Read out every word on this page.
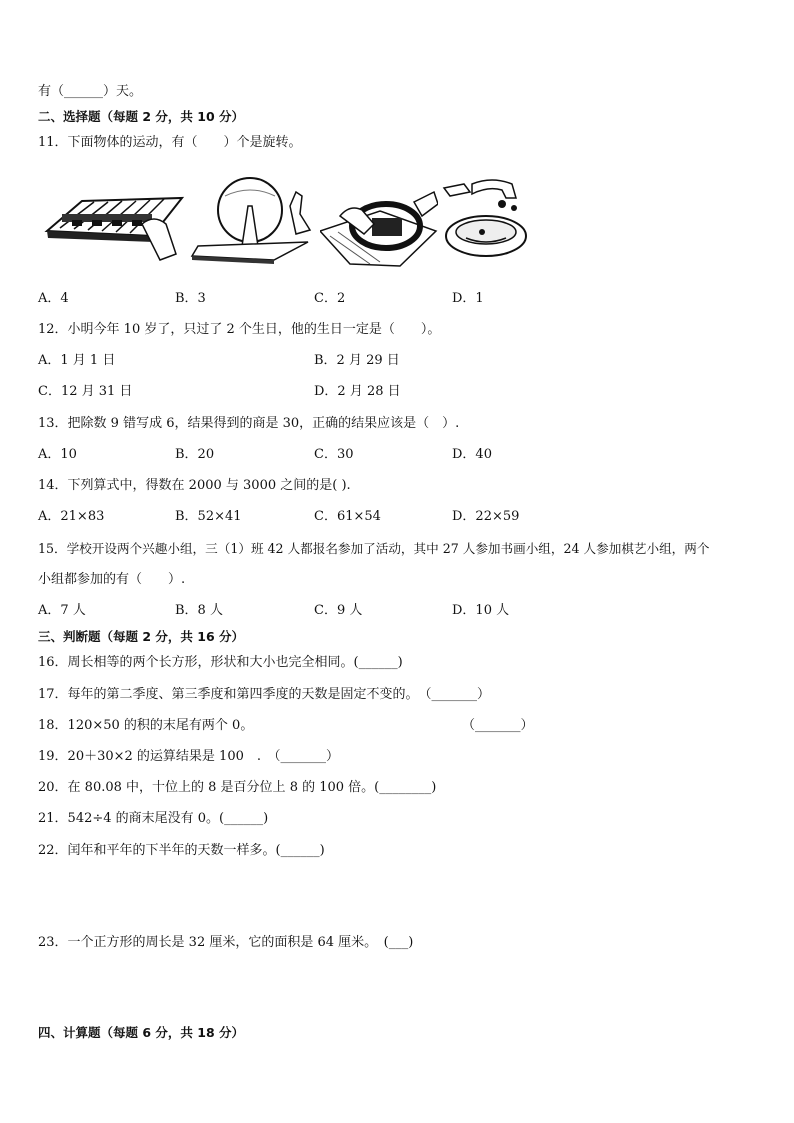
有（______）天。
二、选择题（每题 2 分，共 10 分）
11．下面物体的运动，有（　　）个是旋转。
A．4	B．3	C．2	D．1
12．小明今年 10 岁了，只过了 2 个生日，他的生日一定是（　　）。
A．1 月 1 日	B．2 月 29 日
C．12 月 31 日	D．2 月 28 日
13．把除数 9 错写成 6，结果得到的商是 30，正确的结果应该是（　）.
A．10	B．20	C．30	D．40
14．下列算式中，得数在 2000 与 3000 之间的是( ).
A．21×83	B．52×41	C．61×54	D．22×59
15．学校开设两个兴趣小组，三（1）班 42 人都报名参加了活动，其中 27 人参加书画小组，24 人参加棋艺小组，两个
小组都参加的有（　　）.
A．7 人	B．8 人	C．9 人	D．10 人
三、判断题（每题 2 分，共 16 分）
16．周长相等的两个长方形，形状和大小也完全相同。(______)
17．每年的第二季度、第三季度和第四季度的天数是固定不变的。　（_______）
18．120×50 的积的末尾有两个 0。	（_______）
19．20＋30×2 的运算结果是 100　.　（_______）
20．在 80.08 中，十位上的 8 是百分位上 8 的 100 倍。(________)
21．542÷4 的商末尾没有 0。(______)
22．闰年和平年的下半年的天数一样多。(______)
23．一个正方形的周长是 32 厘米，它的面积是 64 厘米。　(___)
四、计算题（每题 6 分，共 18 分）
